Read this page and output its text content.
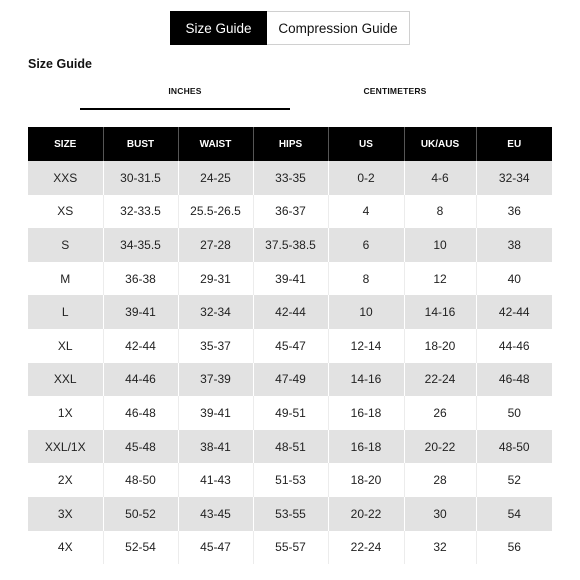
Size Guide	Compression Guide
Size Guide
INCHES	CENTIMETERS
SIZE	BUST	WAIST	HIPS	US	UK/AUS	EU
XXS	30-31.5	24-25	33-35	0-2	4-6	32-34
XS	32-33.5	25.5-26.5	36-37	4	8	36
S	34-35.5	27-28	37.5-38.5	6	10	38
M	36-38	29-31	39-41	8	12	40
L	39-41	32-34	42-44	10	14-16	42-44
XL	42-44	35-37	45-47	12-14	18-20	44-46
XXL	44-46	37-39	47-49	14-16	22-24	46-48
1X	46-48	39-41	49-51	16-18	26	50
XXL/1X	45-48	38-41	48-51	16-18	20-22	48-50
2X	48-50	41-43	51-53	18-20	28	52
3X	50-52	43-45	53-55	20-22	30	54
4X	52-54	45-47	55-57	22-24	32	56
